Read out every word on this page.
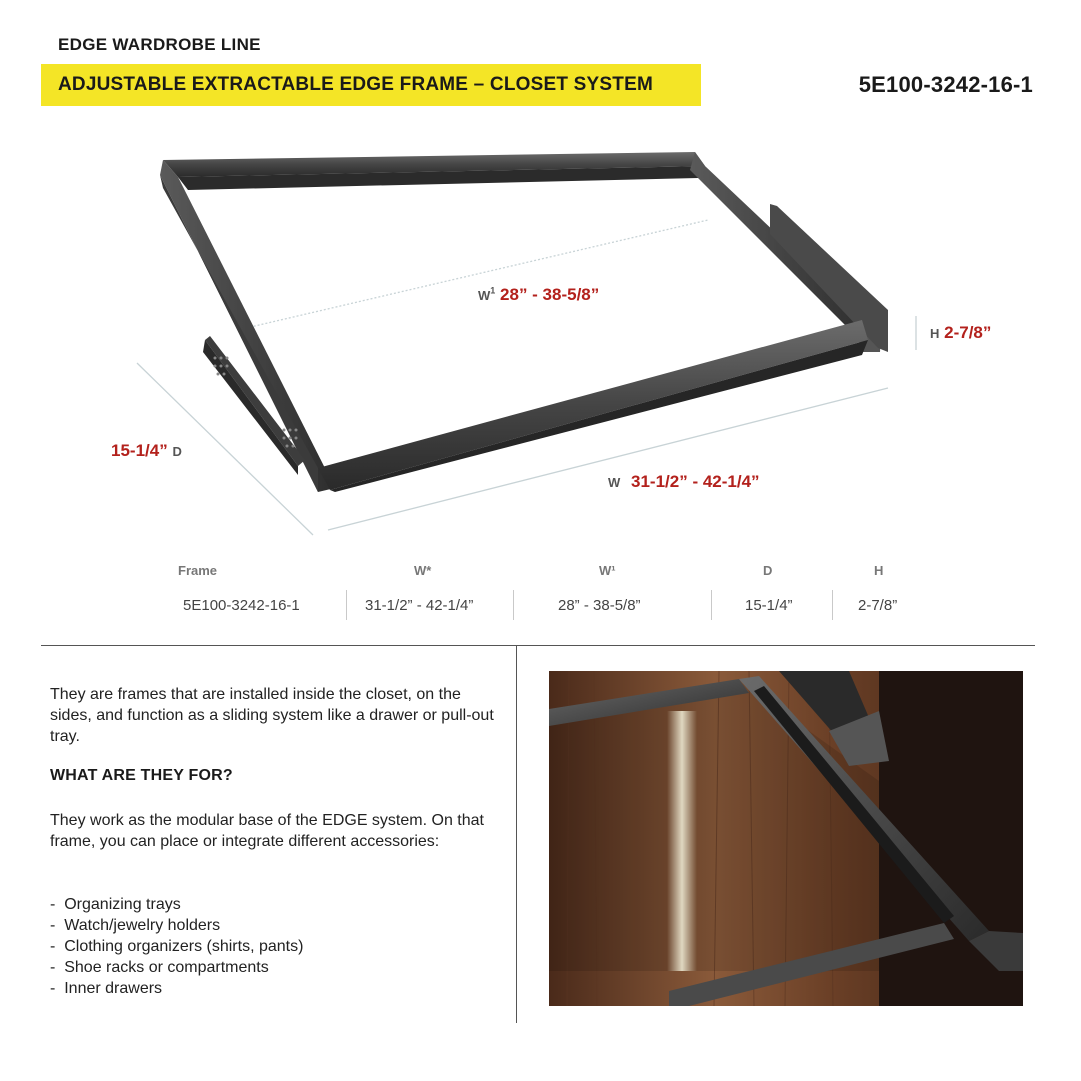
EDGE WARDROBE LINE
ADJUSTABLE EXTRACTABLE EDGE FRAME – CLOSET SYSTEM	5E100-3242-16-1
$W^1$ 28” - 38-5/8”
H 2-7/8”
15-1/4” D
W 31-1/2” - 42-1/4”
Frame	W*	W¹	D	H
5E100-3242-16-1	31-1/2” - 42-1/4”	28” - 38-5/8”	15-1/4”	2-7/8”

They are frames that are installed inside the closet, on the sides, and function as a sliding system like a drawer or pull-out tray.

WHAT ARE THEY FOR?

They work as the modular base of the EDGE system. On that frame, you can place or integrate different accessories:

- Organizing trays
- Watch/jewelry holders
- Clothing organizers (shirts, pants)
- Shoe racks or compartments
- Inner drawers
